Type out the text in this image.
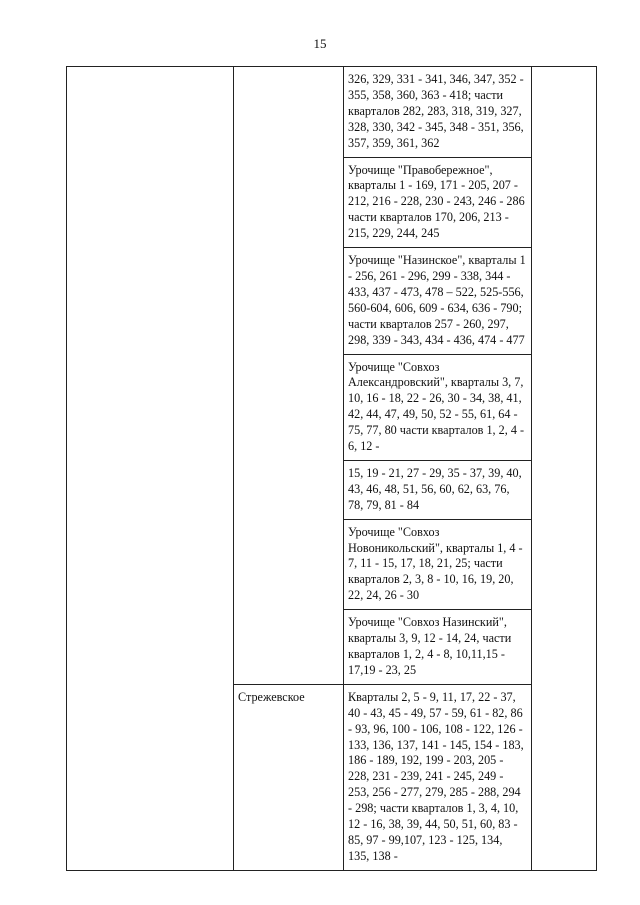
15
		326, 329, 331 - 341, 346, 347, 352 - 355, 358, 360, 363 - 418; части кварталов 282, 283, 318, 319, 327, 328, 330, 342 - 345, 348 - 351, 356, 357, 359, 361, 362	
		Урочище "Правобережное", кварталы 1 - 169, 171 - 205, 207 - 212, 216 - 228, 230 - 243, 246 - 286 части кварталов 170, 206, 213 - 215, 229, 244, 245	
		Урочище "Назинское", кварталы 1 - 256, 261 - 296, 299 - 338, 344 - 433, 437 - 473, 478 – 522, 525-556, 560-604, 606, 609 - 634, 636 - 790; части кварталов 257 - 260, 297, 298, 339 - 343, 434 - 436, 474 - 477	
		Урочище "Совхоз Александровский", кварталы 3, 7, 10, 16 - 18, 22 - 26, 30 - 34, 38, 41, 42, 44, 47, 49, 50, 52 - 55, 61, 64 - 75, 77, 80 части кварталов 1, 2, 4 - 6, 12 -	
		15, 19 - 21, 27 - 29, 35 - 37, 39, 40, 43, 46, 48, 51, 56, 60, 62, 63, 76, 78, 79, 81 - 84	
		Урочище "Совхоз Новоникольский", кварталы 1, 4 - 7, 11 - 15, 17, 18, 21, 25; части кварталов 2, 3, 8 - 10, 16, 19, 20, 22, 24, 26 - 30	
		Урочище "Совхоз Назинский", кварталы 3, 9, 12 - 14, 24, части кварталов 1, 2, 4 - 8, 10,11,15 - 17,19 - 23, 25	
	Стрежевское	Кварталы 2, 5 - 9, 11, 17, 22 - 37, 40 - 43, 45 - 49, 57 - 59, 61 - 82, 86 - 93, 96, 100 - 106, 108 - 122, 126 - 133, 136, 137, 141 - 145, 154 - 183, 186 - 189, 192, 199 - 203, 205 - 228, 231 - 239, 241 - 245, 249 - 253, 256 - 277, 279, 285 - 288, 294 - 298; части кварталов 1, 3, 4, 10, 12 - 16, 38, 39, 44, 50, 51, 60, 83 - 85, 97 - 99,107, 123 - 125, 134, 135, 138 -	
